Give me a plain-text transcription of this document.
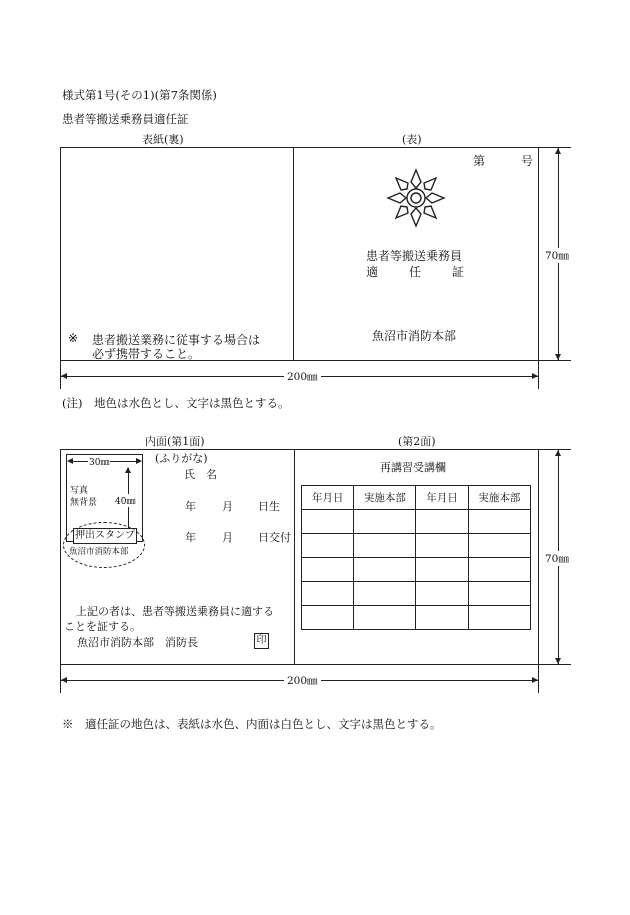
様式第1号(その1)(第7条関係)
患者等搬送乗務員適任証
表紙(裏)	(表)
第	号
患者等搬送乗務員
適	任	証
魚沼市消防本部
※ 患者搬送業務に従事する場合は
必ず携帯すること。
70㎜
200㎜
(注)　地色は水色とし、文字は黒色とする。
内面(第1面)	(第2面)
30㎜
40㎜
写真
無背景
押出スタンプ
魚沼市消防本部
(ふりがな)
氏　名
年 月 日生
年 月 日交付
上記の者は、患者等搬送乗務員に適する
ことを証する。
魚沼市消防本部　消防長	印
再講習受講欄
年月日	実施本部	年月日	実施本部

70㎜
200㎜
※　適任証の地色は、表紙は水色、内面は白色とし、文字は黒色とする。
